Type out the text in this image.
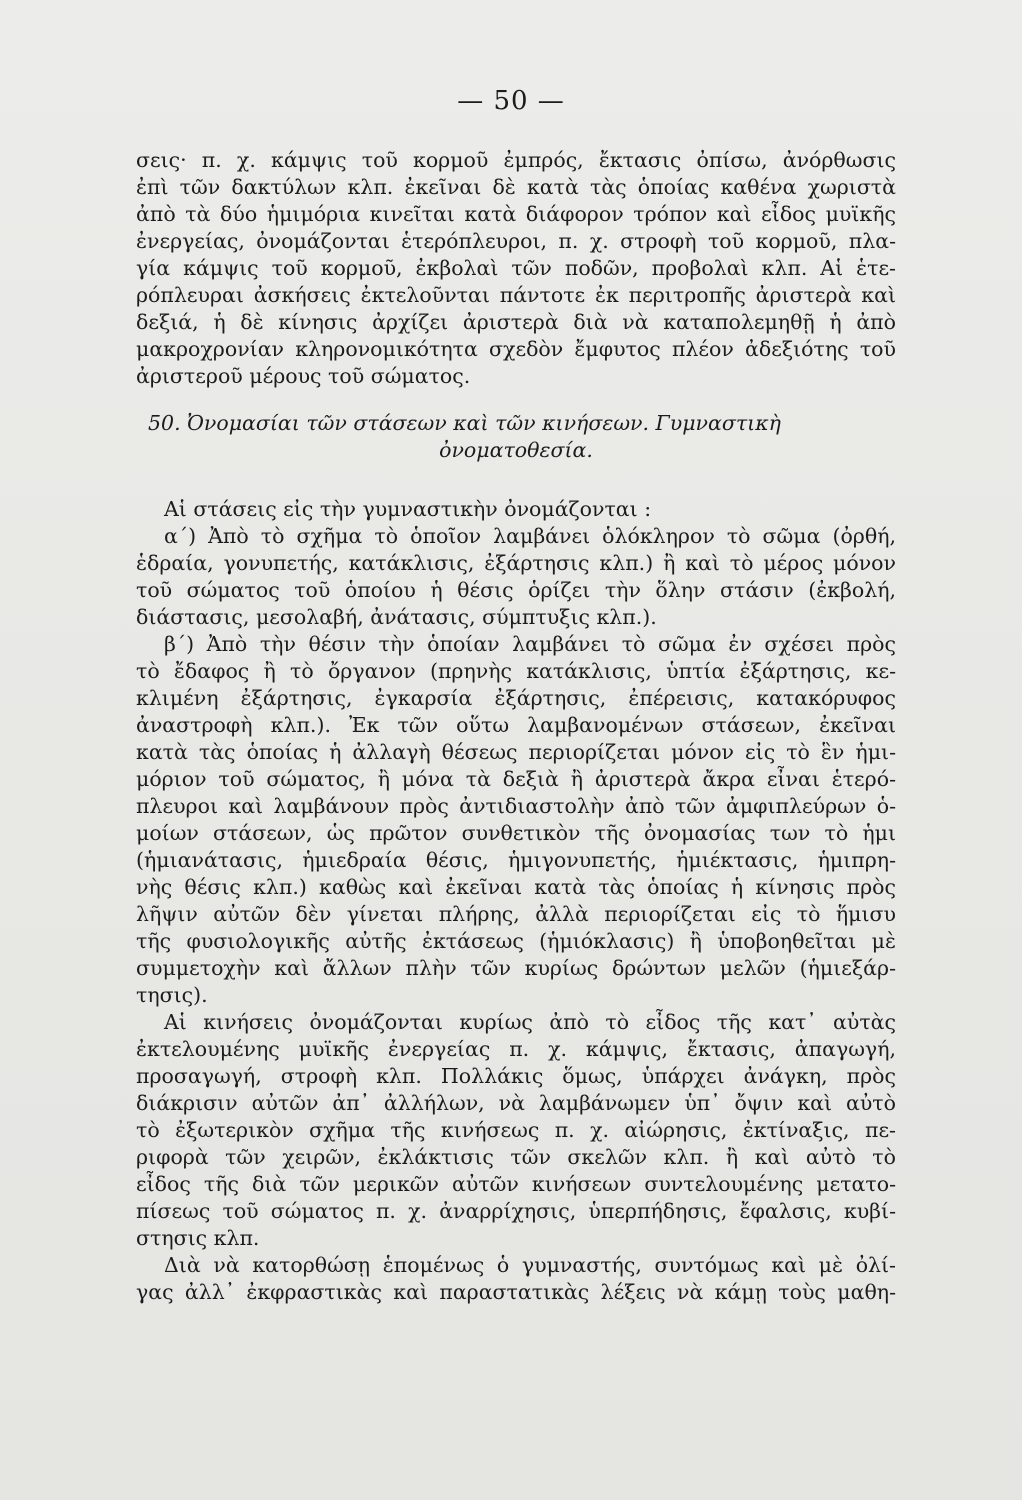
— 50 —
σεις· π. χ. κάμψις τοῦ κορμοῦ ἐμπρός, ἔκτασις ὀπίσω, ἀνόρθωσις
ἐπὶ τῶν δακτύλων κλπ. ἐκεῖναι δὲ κατὰ τὰς ὁποίας καθένα χωριστὰ
ἀπὸ τὰ δύο ἡμιμόρια κινεῖται κατὰ διάφορον τρόπον καὶ εἶδος μυϊκῆς
ἐνεργείας, ὀνομάζονται ἑτερόπλευροι, π. χ. στροφὴ τοῦ κορμοῦ, πλα-
γία κάμψις τοῦ κορμοῦ, ἐκβολαὶ τῶν ποδῶν, προβολαὶ κλπ. Αἱ ἑτε-
ρόπλευραι ἀσκήσεις ἐκτελοῦνται πάντοτε ἐκ περιτροπῆς ἀριστερὰ καὶ
δεξιά, ἡ δὲ κίνησις ἀρχίζει ἀριστερὰ διὰ νὰ καταπολεμηθῇ ἡ ἀπὸ
μακροχρονίαν κληρονομικότητα σχεδὸν ἔμφυτος πλέον ἀδεξιότης τοῦ
ἀριστεροῦ μέρους τοῦ σώματος.
50. Ὀνομασίαι τῶν στάσεων καὶ τῶν κινήσεων. Γυμναστικὴ
ὀνοματοθεσία.
Αἱ στάσεις εἰς τὴν γυμναστικὴν ὀνομάζονται :
α΄) Ἀπὸ τὸ σχῆμα τὸ ὁποῖον λαμβάνει ὁλόκληρον τὸ σῶμα (ὀρθή,
ἑδραία, γονυπετής, κατάκλισις, ἐξάρτησις κλπ.) ἢ καὶ τὸ μέρος μόνον
τοῦ σώματος τοῦ ὁποίου ἡ θέσις ὁρίζει τὴν ὅλην στάσιν (ἐκβολή,
διάστασις, μεσολαβή, ἀνάτασις, σύμπτυξις κλπ.).
β΄) Ἀπὸ τὴν θέσιν τὴν ὁποίαν λαμβάνει τὸ σῶμα ἐν σχέσει πρὸς
τὸ ἔδαφος ἢ τὸ ὄργανον (πρηνὴς κατάκλισις, ὑπτία ἐξάρτησις, κε-
κλιμένη ἐξάρτησις, ἐγκαρσία ἐξάρτησις, ἐπέρεισις, κατακόρυφος
ἀναστροφὴ κλπ.). Ἐκ τῶν οὕτω λαμβανομένων στάσεων, ἐκεῖναι
κατὰ τὰς ὁποίας ἡ ἀλλαγὴ θέσεως περιορίζεται μόνον εἰς τὸ ἓν ἡμι-
μόριον τοῦ σώματος, ἢ μόνα τὰ δεξιὰ ἢ ἀριστερὰ ἄκρα εἶναι ἑτερό-
πλευροι καὶ λαμβάνουν πρὸς ἀντιδιαστολὴν ἀπὸ τῶν ἀμφιπλεύρων ὁ-
μοίων στάσεων, ὡς πρῶτον συνθετικὸν τῆς ὀνομασίας των τὸ ἡμι
(ἡμιανάτασις, ἡμιεδραία θέσις, ἡμιγονυπετής, ἡμιέκτασις, ἡμιπρη-
νὴς θέσις κλπ.) καθὼς καὶ ἐκεῖναι κατὰ τὰς ὁποίας ἡ κίνησις πρὸς
λῆψιν αὐτῶν δὲν γίνεται πλήρης, ἀλλὰ περιορίζεται εἰς τὸ ἥμισυ
τῆς φυσιολογικῆς αὐτῆς ἐκτάσεως (ἡμιόκλασις) ἢ ὑποβοηθεῖται μὲ
συμμετοχὴν καὶ ἄλλων πλὴν τῶν κυρίως δρώντων μελῶν (ἡμιεξάρ-
τησις).
Αἱ κινήσεις ὀνομάζονται κυρίως ἀπὸ τὸ εἶδος τῆς κατ᾽ αὐτὰς
ἐκτελουμένης μυϊκῆς ἐνεργείας π. χ. κάμψις, ἔκτασις, ἀπαγωγή,
προσαγωγή, στροφὴ κλπ. Πολλάκις ὅμως, ὑπάρχει ἀνάγκη, πρὸς
διάκρισιν αὐτῶν ἀπ᾽ ἀλλήλων, νὰ λαμβάνωμεν ὑπ᾽ ὄψιν καὶ αὐτὸ
τὸ ἐξωτερικὸν σχῆμα τῆς κινήσεως π. χ. αἰώρησις, ἐκτίναξις, πε-
ριφορὰ τῶν χειρῶν, ἐκλάκτισις τῶν σκελῶν κλπ. ἢ καὶ αὐτὸ τὸ
εἶδος τῆς διὰ τῶν μερικῶν αὐτῶν κινήσεων συντελουμένης μετατο-
πίσεως τοῦ σώματος π. χ. ἀναρρίχησις, ὑπερπήδησις, ἔφαλσις, κυβί-
στησις κλπ.
Διὰ νὰ κατορθώσῃ ἑπομένως ὁ γυμναστής, συντόμως καὶ μὲ ὀλί-
γας ἀλλ᾽ ἐκφραστικὰς καὶ παραστατικὰς λέξεις νὰ κάμῃ τοὺς μαθη-
